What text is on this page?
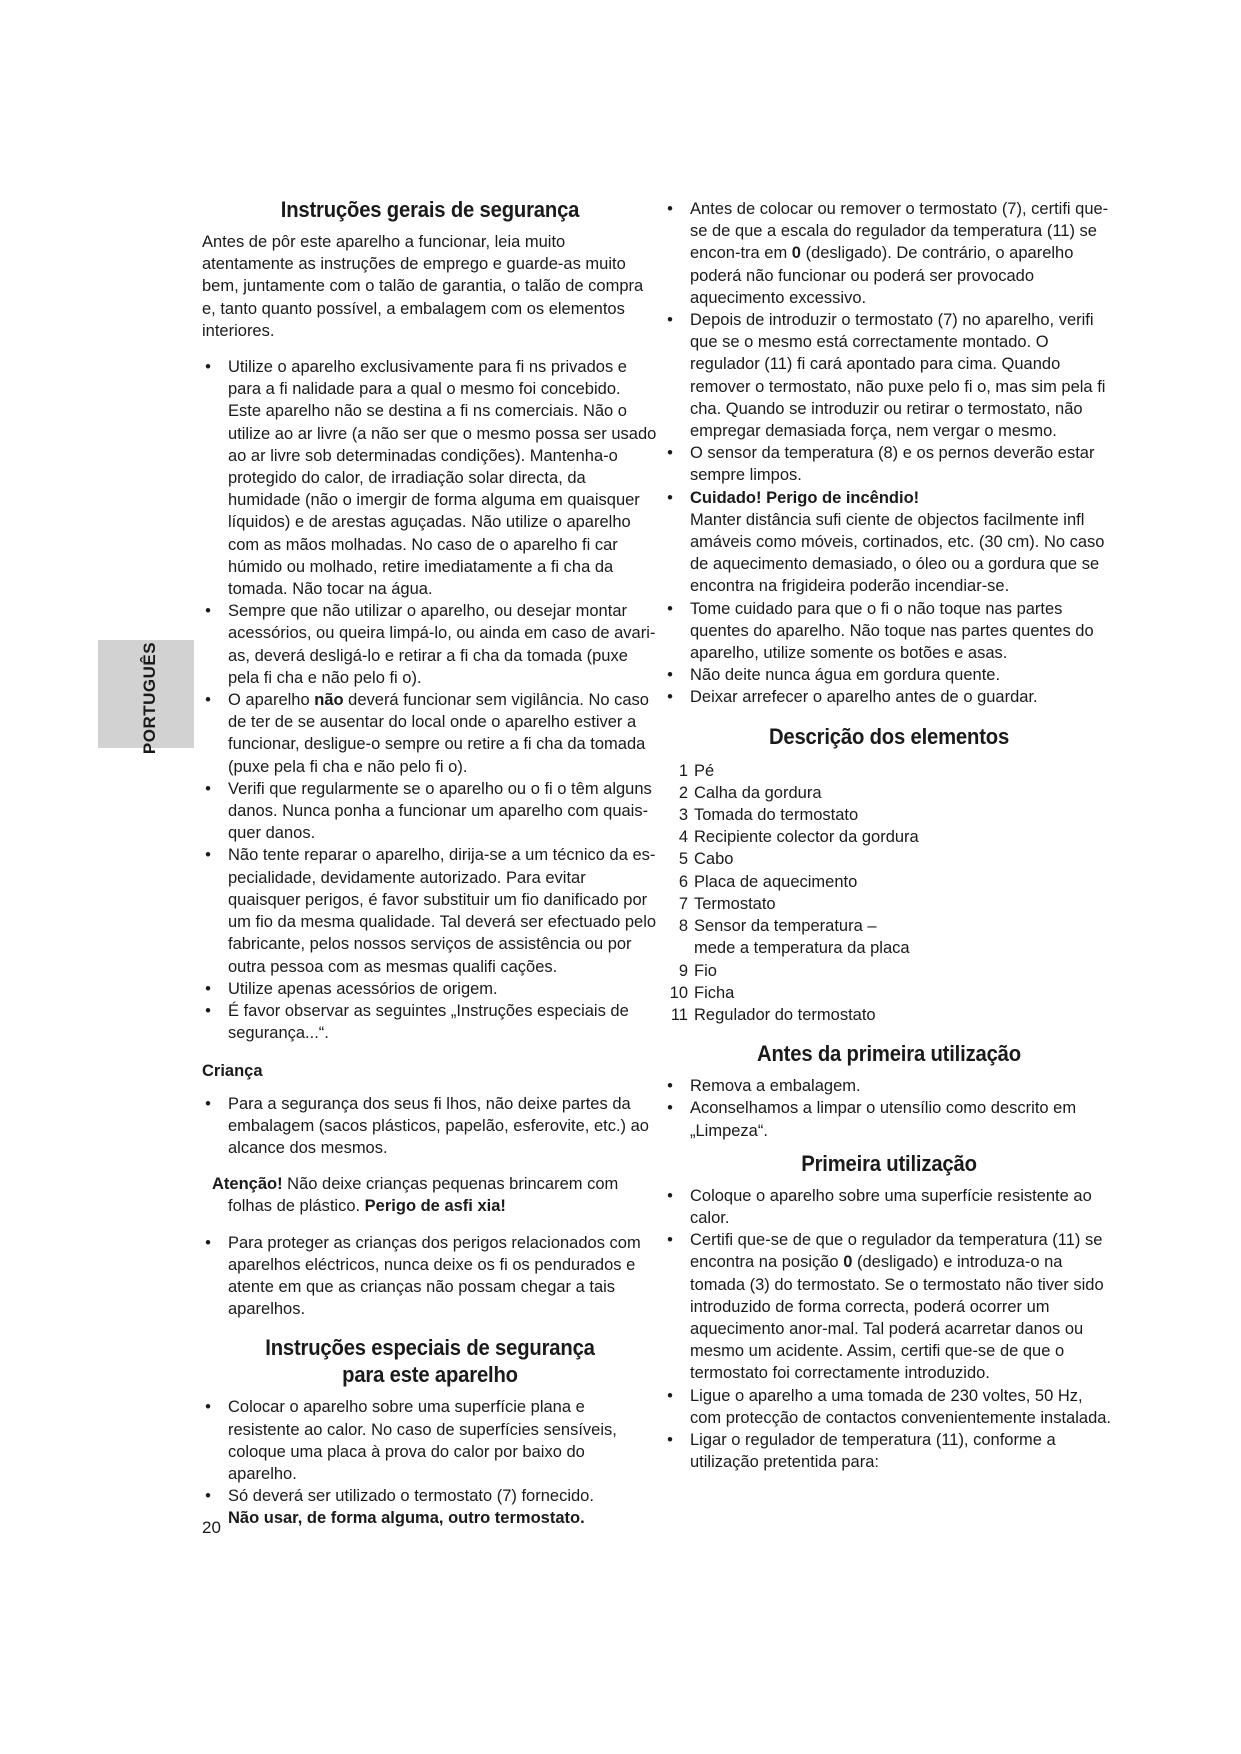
PORTUGUÊS
Instruções gerais de segurança

Antes de pôr este aparelho a funcionar, leia muito atentamente as instruções de emprego e guarde-as muito bem, juntamente com o talão de garantia, o talão de compra e, tanto quanto possível, a embalagem com os elementos interiores.

• Utilize o aparelho exclusivamente para fi ns privados e para a fi nalidade para a qual o mesmo foi concebido. Este aparelho não se destina a fi ns comerciais. Não o utilize ao ar livre (a não ser que o mesmo possa ser usado ao ar livre sob determinadas condições). Mantenha-o protegido do calor, de irradiação solar directa, da humidade (não o imergir de forma alguma em quaisquer líquidos) e de arestas aguçadas. Não utilize o aparelho com as mãos molhadas. No caso de o aparelho fi car húmido ou molhado, retire imediatamente a fi cha da tomada. Não tocar na água.
• Sempre que não utilizar o aparelho, ou desejar montar acessórios, ou queira limpá-lo, ou ainda em caso de avari-as, deverá desligá-lo e retirar a fi cha da tomada (puxe pela fi cha e não pelo fi o).
• O aparelho não deverá funcionar sem vigilância. No caso de ter de se ausentar do local onde o aparelho estiver a funcionar, desligue-o sempre ou retire a fi cha da tomada (puxe pela fi cha e não pelo fi o).
• Verifi que regularmente se o aparelho ou o fi o têm alguns danos. Nunca ponha a funcionar um aparelho com quais-quer danos.
• Não tente reparar o aparelho, dirija-se a um técnico da es-pecialidade, devidamente autorizado. Para evitar quaisquer perigos, é favor substituir um fio danificado por um fio da mesma qualidade. Tal deverá ser efectuado pelo fabricante, pelos nossos serviços de assistência ou por outra pessoa com as mesmas qualifi cações.
• Utilize apenas acessórios de origem.
• É favor observar as seguintes „Instruções especiais de segurança...“.
Criança
• Para a segurança dos seus fi lhos, não deixe partes da embalagem (sacos plásticos, papelão, esferovite, etc.) ao alcance dos mesmos.
Atenção! Não deixe crianças pequenas brincarem com
folhas de plástico. Perigo de asfi xia!
• Para proteger as crianças dos perigos relacionados com aparelhos eléctricos, nunca deixe os fi os pendurados e atente em que as crianças não possam chegar a tais aparelhos.
Instruções especiais de segurança
para este aparelho
• Colocar o aparelho sobre uma superfície plana e resistente ao calor. No caso de superfícies sensíveis, coloque uma placa à prova do calor por baixo do aparelho.
• Só deverá ser utilizado o termostato (7) fornecido.
Não usar, de forma alguma, outro termostato.
• Antes de colocar ou remover o termostato (7), certifi que-se de que a escala do regulador da temperatura (11) se encon-tra em 0 (desligado). De contrário, o aparelho poderá não funcionar ou poderá ser provocado aquecimento excessivo.
• Depois de introduzir o termostato (7) no aparelho, verifi que se o mesmo está correctamente montado. O regulador (11) fi cará apontado para cima. Quando remover o termostato, não puxe pelo fi o, mas sim pela fi cha. Quando se introduzir ou retirar o termostato, não empregar demasiada força, nem vergar o mesmo.
• O sensor da temperatura (8) e os pernos deverão estar sempre limpos.
• Cuidado! Perigo de incêndio!
Manter distância sufi ciente de objectos facilmente infl amáveis como móveis, cortinados, etc. (30 cm). No caso de aquecimento demasiado, o óleo ou a gordura que se encontra na frigideira poderão incendiar-se.
• Tome cuidado para que o fi o não toque nas partes quentes do aparelho. Não toque nas partes quentes do aparelho, utilize somente os botões e asas.
• Não deite nunca água em gordura quente.
• Deixar arrefecer o aparelho antes de o guardar.
Descrição dos elementos
1 Pé
2 Calha da gordura
3 Tomada do termostato
4 Recipiente colector da gordura
5 Cabo
6 Placa de aquecimento
7 Termostato
8 Sensor da temperatura –
mede a temperatura da placa
9 Fio
10 Ficha
11 Regulador do termostato
Antes da primeira utilização
• Remova a embalagem.
• Aconselhamos a limpar o utensílio como descrito em „Limpeza“.
Primeira utilização
• Coloque o aparelho sobre uma superfície resistente ao calor.
• Certifi que-se de que o regulador da temperatura (11) se encontra na posição 0 (desligado) e introduza-o na tomada (3) do termostato. Se o termostato não tiver sido introduzido de forma correcta, poderá ocorrer um aquecimento anor-mal. Tal poderá acarretar danos ou mesmo um acidente. Assim, certifi que-se de que o termostato foi correctamente introduzido.
• Ligue o aparelho a uma tomada de 230 voltes, 50 Hz, com protecção de contactos convenientemente instalada.
• Ligar o regulador de temperatura (11), conforme a utilização pretentida para:
20
